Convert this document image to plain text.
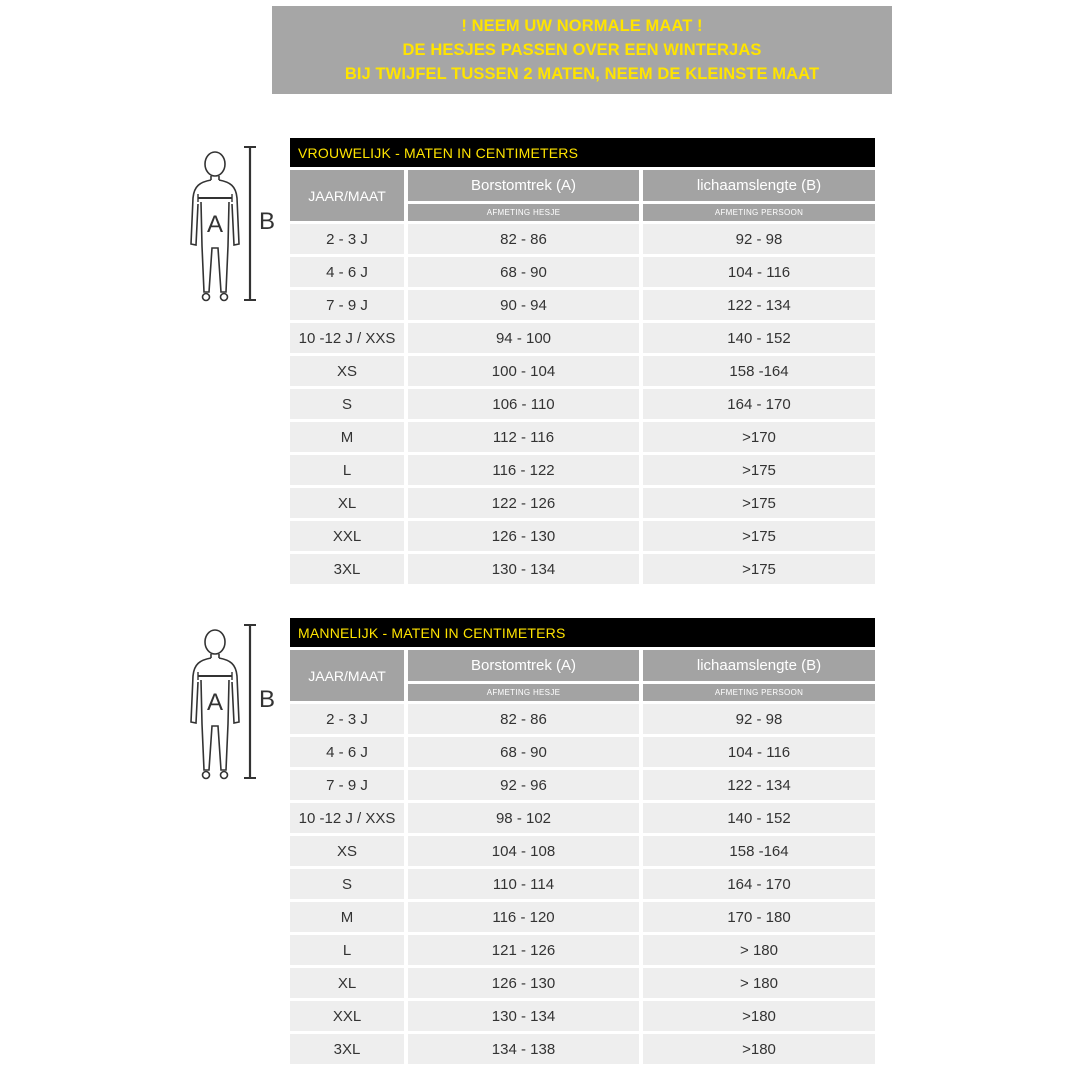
! NEEM UW NORMALE MAAT !
DE HESJES PASSEN OVER EEN WINTERJAS
BIJ TWIJFEL TUSSEN 2 MATEN, NEEM DE KLEINSTE MAAT
A B
VROUWELIJK - MATEN IN CENTIMETERS		
JAAR/MAAT	Borstomtrek (A)	lichaamslengte (B)
	AFMETING HESJE	AFMETING PERSOON
2 - 3 J	82 - 86	92 - 98
4 - 6 J	68 - 90	104 - 116
7 - 9 J	90 - 94	122 - 134
10 -12 J / XXS	94 - 100	140 - 152
XS	100 - 104	158 -164
S	106 - 110	164 - 170
M	112 - 116	>170
L	116 - 122	>175
XL	122 - 126	>175
XXL	126 - 130	>175
3XL	130 - 134	>175
A B
MANNELIJK - MATEN IN CENTIMETERS		
JAAR/MAAT	Borstomtrek (A)	lichaamslengte (B)
	AFMETING HESJE	AFMETING PERSOON
2 - 3 J	82 - 86	92 - 98
4 - 6 J	68 - 90	104 - 116
7 - 9 J	92 - 96	122 - 134
10 -12 J / XXS	98 - 102	140 - 152
XS	104 - 108	158 -164
S	110 - 114	164 - 170
M	116 - 120	170 - 180
L	121 - 126	> 180
XL	126 - 130	> 180
XXL	130 - 134	>180
3XL	134 - 138	>180
